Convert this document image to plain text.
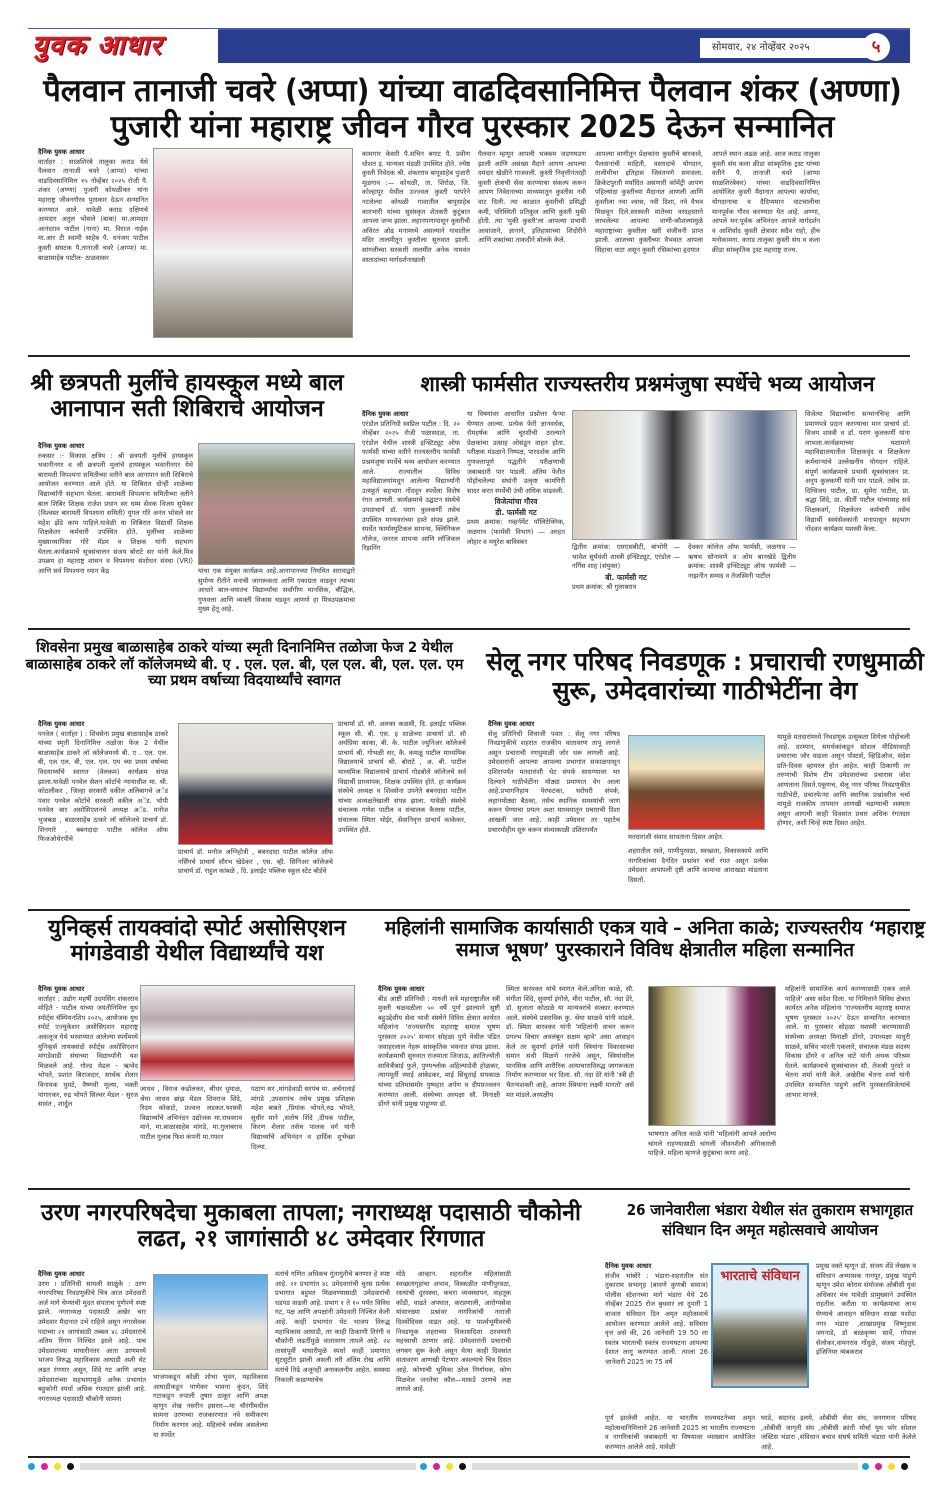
युवक आधार	सोमवार, २४ नोव्हेंबर २०२५	५
पैलवान तानाजी चवरे (अप्पा) यांच्या वाढदिवसानिमित्त पैलवान शंकर (अण्णा) पुजारी यांना महाराष्ट्र जीवन गौरव पुरस्कार 2025 देऊन सन्मानित
दैनिक युवक आधार
वार्ताहर : साळशिरंबे तालुका कराड येथे पैलवान तानाजी चवरे (आप्पा) यांच्या वाढदिवसानिमित्त १५ नोव्हेंबर २०२५ रोजी पै. शंकर (अण्णा) पुजारी कोथळीकर यांना महाराष्ट्र जीवनगौरव पुरस्कार देऊन सन्मानित करण्यात आले. यावेळी कराड दक्षिणचे आमदार अतुल भोसले (बाबा) मा.आमदार आनंदराव पाटील (नाना) मा. विराज नाईक मा.आर टी स्वामी साहेब पै. धनंजय पाटील कुस्ती संघटक पै.तानाजी चवरे (आप्पा) मा. बाळासाहेब पाटील- ठाळवाकर
कामगार केसरी पै.सचिन बगाट पै. प्रवीण धोशत इ. मान्यवर मंडळी उपस्थित होते. ज्येष्ठ कुस्ती निवेदक श्री. शंकरराव बापूसाहेब पुजारी मूळगाव :— कोथळी, ता. शिरोळ, जि. कोल्हापूर येथील उज्ज्वल कुस्ती परंपरेने नटलेल्या कोथळी गावातील बापूसाहेब कारभारी यांच्या सुसंस्कृत शेतकरी कुटुंबात आपला जन्म झाला. लहानपणापासून कुस्तीची अविरत ओढ मनामध्ये असल्याने गावातील मंदिर तालमीतून कुस्तीला सुरुवात झाली. सांगलीच्या सरकारी तालमीत अनेक नामवंत वस्तादांच्या मार्गदर्शनाखाली
पैलवान म्हणून आपली भक्कम जडणघडण झाली आणि असंख्य मैदाने आपण आपल्या दमदार खेळीने गाजवली. कुस्ती निवृत्तीनंतरही कुस्ती क्षेत्राची सेवा करण्याचा संकल्प करून आपण निवेदनाच्या माध्यमातून कुस्तीस नवी वाट दिली. त्या काळात कुस्तीची प्रसिद्धी कमी, परिस्थिती प्रतिकूल आणि कुस्ती मुकी होती. त्या 'मुकी कुस्ती'ला आपल्या प्रभावी आवाजाने, ज्ञानाने, इतिहासाच्या शिदोरीने आणि शब्दांच्या ताकदीने बोलके केले.
आपल्या वाणीतून प्रेक्षकांना कुस्तीचे बारकावे, पैलवानांची माहिती, वस्तादांचे योगदान, तालीमीचा इतिहास जिवंतपणे समजला. क्रिकेटपुरती मर्यादित असणारी कॉमेंट्री आपण पहिल्यांदा कुस्तीच्या मैदानात आणली आणि कुस्तीला नवा श्वास, नवी दिशा, नवे वैभव मिळवून दिले.सरस्वती मातेच्या वरदहस्ताने लाभलेल्या आपल्या वाणी-कौशल्यामुळे महाराष्ट्राच्या कुस्तीला खरी संजीवनी प्राप्त झाली. आजच्या कुस्तीच्या वैभवात आपला सिंहाचा वाटा असून कुस्ती रसिकांच्या हृदयात
आपले स्थान अढळ आहे. आज कराड तालुका कुस्ती संघ कला क्रीडा सांस्कृतिक ट्रस्ट यांच्या वतीने पै. तानाजी चवरे (आप्पा साळशिरंबेकर) यांच्या वाढदिवसानिमित्त आयोजित कुस्ती मैदानात आपल्या कार्याचा, योगदानाचा व दैदिप्यमान वाटचालीचा मानपूर्वक गौरव करण्यात येत आहे. अण्णा, आपले मन:पूर्वक अभिनंदन आपले मार्गदर्शन व आशिर्वाद कुस्ती क्षेत्रावर सदैव राहो, हीच मनोकामना. कराड तालुका कुस्ती संघ व कला क्रीडा सांस्कृतिक ट्रस्ट महाराष्ट्र राज्य.
श्री छत्रपती मुलींचे हायस्कूल मध्ये बाल आनापान सती शिबिराचे आयोजन
दैनिक युवक आधार
रुकसर :- विकास क्षत्रिय : श्री छत्रपती मुलींचे हायस्कूल भवानीनगर व श्री छत्रपती मुलांचे हायस्कूल भवानीनगर येथे बारामती विपश्यना समितीच्या वतीने बाल आनापान सती शिबिराचे आयोजन करण्यात आले होते. या शिबिरात दोन्ही शाळेच्या विद्यार्थ्यांनी सहभाग घेतला. बारामती विपश्यना समितीच्या वतीने बाल शिबिर शिक्षक राजेश प्रधान सर धम्म सेवक विजय सुपेकर (विश्वस्त बारामती विपश्यना समिती) युगल गोरे अनंत भोसले सर महेश झेंडे काम पाहिले.यावेळी या शिबिरात विद्यार्थी शिक्षक शिक्षकेतर कर्मचारी उपस्थित होते. मुलींच्या शाळेच्या मुख्याध्यापिका गोरे मॅडम व शिक्षक यांनी सहभाग घेतला.कार्यक्रमाचे सूत्रसंचालन संजय बोराटे सर यांनी केले.मित्र उपक्रम हा महाराष्ट्र शासन व विपश्यना संशोधन संस्था (VRI) आणि सर्व विपश्यना ध्यान केंद्र	यांचा एक संयुक्त कार्यक्रम आहे.आनापानच्या नियमित सरावाद्वारे सुयोग्य रीतीने मनाची जागरूकता आणि एकाग्रता वाढवून त्याच्या आधारे बाल-वयातच विद्यार्थ्यांचा सर्वांगीण मानसिक, बौद्धिक, गुणवत्ता आणि व्यक्ती विकास घडवून आणणे हा मित्रउपक्रमाचा मुख्य हेतू आहे.
शास्त्री फार्मसीत राज्यस्तरीय प्रश्नमंजुषा स्पर्धेचे भव्य आयोजन
दैनिक युवक आधार
एरंडोल प्रतिनिधी स्वप्निल पाटील : दि. २० नोव्हेंबर २०२५ रोजी पळासदळ, ता. एरंडोल येथील शास्त्री इन्स्टिट्यूट ऑफ फार्मसी यांच्या वतीने राज्यस्तरीय फार्मसी प्रश्नमंजुषा स्पर्धेचे भव्य आयोजन करण्यात आले. राज्यातील विविध महाविद्यालयांमधून आलेल्या विद्यार्थ्यांनी उत्स्फूर्त सहभाग नोंदवून स्पर्धेला विशेष रंगत आणली. कार्यक्रमाचे उद्घाटन संस्थेचे उपप्राचार्य डॉ. पराग कुलकर्णी तसेच उपस्थित मान्यवरांच्या हस्ते संपन्न झाले. स्पर्धेत फार्मास्युटिकल सायन्स, क्लिनिकल नॉलेज, जनरल सायन्स आणि लॉजिकल रिझनिंग
या विषयांवर आधारित प्रश्नोत्तर फेऱ्या घेण्यात आल्या. प्रत्येक फेरी ज्ञानवर्धक, रोमहर्षक आणि चुरशीची ठरल्याने प्रेक्षकांचा उत्साह ओसंडून वाहत होता. परीक्षक मंडळाने निष्पक्ष, पारदर्शक आणि गुणवत्तापूर्ण पद्धतीने परीक्षणाची जबाबदारी पार पाडली. अंतिम फेरीत पोहोचलेल्या संघांनी उत्कृष्ट कामगिरी सादर करत स्पर्धेची उंची अधिक वाढवली.
विजेत्यांचा गौरव
डी. फार्मसी गट
प्रथम क्रमांक: गव्हर्नमेंट पॉलिटेक्निक, जळगाव (फार्मसी विभाग) — अरहत लोहार व मयुरेश बाविस्कर
द्वितीय क्रमांक: एसएसबीटी, बांभोरी — भावेश सूर्यवंशी शास्त्री इन्स्टिट्यूट, एरंडोल — नर्गिस शाह (संयुक्त)
बी. फार्मसी गट
प्रथम क्रमांक: श्री गुलाबराव
देवकर कॉलेज ऑफ फार्मसी, जळगाव — ऋषभ सोनावणे व ओम बानखेडे द्वितीय क्रमांक: शास्त्री इन्स्टिट्यूट ऑफ फार्मसी — नाझनीन सय्यद व तेजस्विनी पाटील
विजेत्या विद्यार्थ्यांना सन्मानचिन्ह आणि प्रमाणपत्रे प्रदान करण्याचा मान प्राचार्य डॉ. विजय शास्त्री व डॉ. पराग कुलकर्णी यांना लाभला.कार्यक्रमाच्या यशामागे महाविद्यालयातील शिक्षकवृंद व शिक्षकेतर कर्मचाऱ्यांचे उल्लेखनीय योगदान राहिले. संपूर्ण कार्यक्रमाचे प्रभावी सूत्रसंचालन प्रा. अनुप कुलकर्णी यांनी पार पाडले. तसेच प्रा. दिग्विजय पाटील, प्रा. सुमेरा पाटील, प्रा. श्रद्धा शिंदे, प्रा. कीर्ती पाटील यांच्यासह सर्व शिक्षकवर्ग, शिक्षकेतर कर्मचारी तसेच विद्यार्थी स्वयंसेवकांनी मनापासून सहभाग नोंदवत कार्यक्रम यशस्वी केला.
शिवसेना प्रमुख बाळासाहेब ठाकरे यांच्या स्मृती दिनानिमित्त तळोजा फेज 2 येथील बाळासाहेब ठाकरे लॉ कॉलेजमध्ये बी. ए . एल. एल. बी, एल एल. बी, एल. एल. एम च्या प्रथम वर्षाच्या विदयार्थ्यांचे स्वागत
दैनिक युवक आधार
पनवेल ( वार्ताहर ) : शिवसेना प्रमुख बाळासाहेब ठाकरे यांच्या स्मृती दिनानिमित्त तळोजा फेज 2 येथील बाळासाहेब ठाकरे लॉ कॉलेजमध्ये बी. ए . एल. एल. बी, एल एल. बी, एल. एल. एम च्या प्रथम वर्षाच्या विदयार्थ्यांचे स्वागत (वेलकम) कार्यक्रम संपन्न झाला.यावेळी पनवेल सेशन कोर्टाचे न्यायाधीश मा. श्री. कोठलीकर , जिल्हा सरकारी वकील अलिबागचे अॅड पवार पनवेल कोर्टाचे सरकारी वकील अॅड. भोपी पनवेल बार असोसिएशनचे अध्यक्ष अॅड. मनोज भुजबळ , बाळासाहेब ठाकरे लॉ कॉलेजचे प्राचार्य डॉ. शिनगारे , बबनदादा पाटील कॉलेज ऑफ फिजओथेरपीचे
प्राचार्य डॉ. मनोज अग्निहोत्री , बबनदादा पाटील कॉलेज ऑफ नर्सिंगचे प्राचार्य सौरभ खेडेकर , एस. व्ही. सिनिअर कॉलेजचे प्राचार्य डॉ. राहुल कांबळे , दि. इलाईट पब्लिक स्कूल स्टेट बोर्डचे
प्राचार्या डॉ. सौ. अलका कळसी, दि. इलाईट पब्लिक स्कूल सी. बी. एस. इ शाळेच्या प्राचार्या डॉ. सौ अर्थप्रिया काका, बी. के. पाटील ज्युनिअर कॉलेजचे प्राचार्य श्री. गोभळी सर, कै. कमळू पाटील माध्यमिक विद्यालयाचे प्राचार्य श्री. बोराटे , अ. बी. पाटील माध्यमिक विद्यालयाचे प्राचार्य गोडबोले कॉलेजचे सर्व विद्यार्थी प्राध्यापक, शिक्षक उपस्थित होते. हा कार्यक्रम संस्थेचे अध्यक्ष व शिवसेना उपनेते बबनदादा पाटील यांच्या अध्यक्षतेखाली संपन्न झाला. यावेळी संस्थेचे संचालक गणेश पाटील व संचालक कैलास पाटील, संचालक स्मिता भोईर, सेवानिवृत्त प्राचार्य काकेकर, उपस्थित होते.
सेलू नगर परिषद निवडणूक : प्रचाराची रणधुमाळी सुरू, उमेदवारांच्या गाठीभेटींना वेग
दैनिक युवक आधार
सेलू प्रतिनिधी शिवाजी पवार : सेलू नगर परिषद निवडणुकीचे शहरात राजकीय वातावरण तापू लागले असून प्रचाराची रणधुमाळी जोर धरू लागली आहे. उमेदवारांनी आपल्या आपल्या प्रभागांत सकाळपासून उशिरापर्यंत मतदारांशी थेट संपर्क साधण्यावर भर दिल्याने गाठीभेटींना मोठ्या प्रमाणात वेग आला आहे.प्रभागनिहाय पेरफटका, घरोघरी संपर्क, लहानमोठ्या बैठका, तसेच स्थानिक समस्यांची जाण करून घेण्याचा प्रयत्न अशा माध्यमातून प्रचाराची दिशा आखली जात आहे. काही उमेदवार तर पहाटेच प्रचारमोहीम सुरु करून संध्याकाळी उशिरापर्यंत
मतदारांशी संवाद साधताना दिसत आहेत.
शहरातील रस्ते, पाणीपुरवठा, स्वच्छता, विकासकामे आणि नागरिकांच्या दैनंदिन प्रश्नांवर चर्चा रंगत असून प्रत्येक उमेदवार आपापली दृष्टी आणि कामाचा आराखडा मांडताना दिसतो.
यामुळे मतदारांमध्ये निवडणूक उत्सुकता शिगेला पोहोचली आहे. दरम्यान, समर्थकांकडून सोशल मीडियावरही प्रचाराचा जोर वाढला असून पोस्टर्स, व्हिडिओज, संदेश प्रति-दिवस व्हायरल होत आहेत. काही ठिकाणी तर तरुणांची विशेष टीम उमेदवारांच्या प्रचारास जोश आणताना दिसते.एकूणच, सेलू नगर परिषद निवडणुकीत गाठीभेटी, प्रचारफेऱ्या आणि स्थानिक प्रश्नांवरील चर्चा यामुळे राजकीय तापमान आणखी चढण्याची शक्यता असून आगामी काही दिवसांत प्रचार अधिक रंगतदार होणार, अशी चिन्हे स्पष्ट दिसत आहेत.
युनिव्हर्स तायक्वांदो स्पोर्ट असोसिएशन मांगडेवाडी येथील विद्यार्थ्यांचे यश
दैनिक युवक आधार
वार्ताहर : उद्योग महर्षी उदयसिंग शंकरराव मोहिते - पाटील यांच्या जयंतीनिमित्त युथ स्पोर्ट्स चॅम्पियनशिप २०२५, आयोजक युथ स्पोर्ट एज्युकेशन असोसिएशन महाराष्ट्र अकलूज येथे भरवण्यात आलेल्या स्पर्धेमध्ये युनिव्हर्स तायक्वांदो स्पोर्ट्स असोसिएशन मांगडेवाडी संघाच्या विद्यार्थ्यांनी यश मिळवले आहे. गोल्ड मेडल - ऋग्वेद भोपते, प्रशांत बिराजदार, सार्थक शेलार विनायक घुमटे, वैष्णवी मूल्या, भक्ती पांगारकर, रुद्र भोपते सिल्वर मेडल - सुरज सावंत , शार्दुल
जाधव , विराज कढोलकर, श्रीधर धुमाळ, श्रेया जाधव ब्रांझ मेडल शिवराज शिंदे, रिदम कोकाटे, प्रज्वल लडकत.यशस्वी विद्यार्थ्यांचे अभिनंदन उद्योजक मा.राघवराव माने, मा.बाळासाहेब मांगडे, मा.गुलाबराव पाटील गुलाब फिश कंपनी मा.गफार
पठाण सर ,मांगडेवाडी सरपंच मा. अर्चनाताई मांगडे ,उपसरपंच तसेच प्रमुख प्रशिक्षक महेश बाबते ,प्रियांक भोपते,रुद्र भोपते, सुधीर माने ,संतोष शिंदे ,दीपक पाटील, किरण शेलार तसेच पालक वर्ग यांनी विद्यार्थ्यांचे अभिनंदन व हार्दिक शुभेच्छा दिल्या.
महिलांनी सामाजिक कार्यासाठी एकत्र यावे – अनिता काळे; राज्यस्तरीय ‘महाराष्ट्र समाज भूषण’ पुरस्काराने विविध क्षेत्रातील महिला सन्मानित
दैनिक युवक आधार
बीड आष्टी प्रतिनिधी : मारुती सत्रे महाराष्ट्रातील स्त्री मुक्ती चळवळीला ५० वर्षे पूर्ण झाल्याने सुष्टी बहुउद्देशीय सेवा भावी संस्थेने विविध क्षेत्रात कार्यरत महिलांना 'राज्यस्तरीय महाराष्ट्र समाज भूषण पुरस्कार २०२५' सन्मान सोहळा पुणे येथील पंडित जवाहरलाल नेहरू सांस्कृतिक भवनात संपन्न झाला. कार्यक्रमाची सुरुवात राजमाता जिजाऊ, क्रांतिज्योती सावित्रीबाई फुले, पुण्यश्लोक अहिल्यादेवी होळकर, त्यागमूर्ती रमाई आंबेडकर, माई सिंधुताई सपकाळ यांच्या प्रतिमांसमोर पुष्पहार अर्पण व दीपप्रज्वलन करण्यात आली. संस्थेच्या अध्यक्षा सौ. मिनाक्षी डोंगरे यांनी प्रमुख पाहुण्या डॉ.
स्मिता बारवकर यांचे स्वागत केले.अनिता काळे, सौ. संगीता शिंदे, सुवर्णा इंगोले, मीरा पाटील, सौ. नंदा डेरे, डॉ. सुजाता कोठाळे या मान्यवरांचे सत्कार करण्यात आले. संस्थेचे प्रस्ताविक कु. श्रेया साळवे यांनी मांडले. डॉ. स्मिता बारवकर यांनी 'महिलांनी वाचन करून प्रगल्भ विचार अवलंबून सक्षम व्हावे' असा आवाहन केले तर सुवर्णा इंगोले यांनी स्त्रियांना विकासाच्या समान संधी मिळणे गरजेचे असून, स्त्रियांवरील मानसिक आणि शारीरिक अत्याचाराविरुद्ध जागरूकता निर्माण करण्यावर भर दिला. सौ. नंदा डेरे यांनी 'स्त्री ही चैतन्यशक्ती आहे, आपण स्त्रियांना लक्ष्मी मानतो' असे मत मांडले.अध्यक्षीय
भाषणात अनिता काळे यांनी 'महिलांनी आपले आरोग्य चांगले राहण्यासाठी चांगली जीवनशैली अंगिकारली पाहिजे. महिला म्हणजे कुटुंबाचा कणा आहे.
महिलांनी सामाजिक कार्य करण्यासाठी एकत्र आले पाहिजे' असा संदेश दिला. या निमित्ताने विविध क्षेत्रात कार्यरत अनेक महिलांना 'राज्यस्तरीय महाराष्ट्र समाज भूषण पुरस्कार २०२५' देऊन सन्मानित करण्यात आले. या पुरस्कार सोहळा यशस्वी करण्यासाठी संस्थेच्या अध्यक्षा मिनाक्षी डोंगरे, उपाध्यक्षा माधुरी साळवे, सचिव भारती एकलारे, संचालक मंडळ सदस्य विकास डोंगरे व अनिल वाटे यांनी अथक परिश्रम घेतले. कार्यक्रमाचे सूत्रसंचालन सौ. तेजश्री पुरंदरे व चेतना शर्मा यांनी केले. अखेरीस चेतना शर्मा यांनी उपस्थित सन्मानित पाहुणे आणि पुरस्कारविजेत्यांचे आभार मानले.
उरण नगरपरिषदेचा मुकाबला तापला; नगराध्यक्ष पदासाठी चौकोनी लढत, २१ जागांसाठी ४८ उमेदवार रिंगणात
दैनिक युवक आधार
उरण । प्रतिनिधी सायली साळुंके : उरण नगरपरिषद निवडणुकीचे चित्र आज उमेदवारी अर्ज मागे घेण्याची मुदत संपताच पूर्णपणे स्पष्ट झाले. नगराध्यक्ष पदासाठी अखेर चार उमेदवार मैदानात उभे राहिले असून नगरसेवक पदाच्या २१ जागांसाठी तब्बल ४८ उमेदवारांचे अंतिम रिंगण निश्चित झाले आहे. पाच उमेदवारांच्या माघारीनंतर आता उरणमध्ये भाजप विरुद्ध महाविकास आघाडी अशी थेट लढत रंगणार असून, शिंदे गट आणि अपक्ष उमेदवारांच्या सहभागामुळे अनेक प्रभागांत बहुकोनी स्पर्धा अधिक रंगतदार झाली आहे. नगराध्यक्ष पदासाठी चौकोनी सामना
भाजपकडून कोळी शोभा भुवन, महाविकास आघाडीकडून पाणेकर भावना कुंदन, शिंदे गटाकडून रुपाली तुषार ठाकूर आणि अपक्ष म्हणून शेख नसरीन इसरार—या चौरंगीमधील सामना उरणच्या राजकारणात नवे समीकरण निर्माण करणार आहे. महिलांचे वर्चस्व असलेल्या या स्पर्धेत
मतांचे गणित अधिकच गुंतागुंतीचे बनणार हे स्पष्ट आहे. २१ प्रभागांत ४८ उमेदवारांची चुरस प्रत्येक प्रभागात बहुमत मिळवण्यासाठी उमेदवारांची धडपड वाढली आहे. प्रभाग १ ते १० पर्यंत विविध गट, पक्ष आणि अपक्षांनी उमेदवारी निश्चित केली आहे. काही प्रभागांत थेट भाजप विरुद्ध महाविकास आघाडी, तर काही ठिकाणी तिरंगी व चौकोनी लढतींमुळे वातावरण तापले आहे. २४ तासांपूर्वी माघारीमुळे स्पर्धा काही प्रमाणात सुटसुटीत झाली असली तरी अंतिम रोख आणि मतांचे तिढे अजूनही अनाकलनीय आहेत. समस्या निकाली काढण्याचेच
मोठे आव्हान. शहरातील महिलांसाठी स्वच्छतागृहांचा अभाव, विस्कळीत पाणीपुरवठा, रस्त्यांची दुरवस्था, कचरा व्यवस्थापन, वाहतूक कोंडी, वाढते अपघात, करप्रणाली, आरोग्यसेवा यांसारख्या प्रश्नांवर नागरिकांची नाराजी दिवसेंदिवस वाढत आहे. या पार्श्वभूमीवरची निवडणूक शहराच्या विकासदिशा ठरवणारी महत्त्वाची ठरणार आहे. उमेदवारांनी प्रचाराची लगबग सुरू केली असून येत्या काही दिवसांत वातावरण आणखी पेटणार असल्याचे चित्र दिसत आहे. कोणाची भूमिका ठरेल निर्णायक, कोण मिळवेल जनतेचा कौल—याकडे उरणचे लक्ष लागले आहे.
26 जानेवारीला भंडारा येथील संत तुकाराम सभागृहात संविधान दिन अमृत महोत्सवाचे आयोजन
दैनिक युवक आधार
संजीव भांबोरे : भंडारा-शहरातील संत तुकाराम सभागृह (बावणे कुणबी समाज) पोलीस स्टेशनच्या मागे भंडारा येथे 26 नोव्हेंबर 2025 रोज बुधवार ला दुपारी 1 वाजता संविधान दिन अमृत महोत्सवाचे आयोजन करण्यात आलेले आहे. सविस्तर वृत्त असे की, 26 जानेवारी 19 50 ला स्वतंत्र भारताची स्वतंत्र राज्यघटना आपल्या देशात लागू करण्यात आली. त्याला 26 जानेवारी 2025 ला 75 वर्षे
भारताचे संविधान
प्रमुख वक्ते म्हणून डॉ. संजय शेंडे लेखक व संविधान अभ्यासक नागपूर, प्रमुख पाहुणे म्हणून उमेश कोराम संयोजक ओबीसी युवा अधिकार मंच यावेळी प्रामुख्याने उपस्थित राहतील. करीता या कार्यक्रमाचा लाभ घेण्याचे आवाहन संविधान शाखा यशोदा नगर भंडारा ,शाखाप्रमुख विष्णुदास जगनाडे, डॉ बाळकृष्ण सार्वे, गोपाल सेलोकर,वामनराव गोंधुळे, संजय मोहतुरे, इंजिनियर त्र्यंबकराव
पूर्ण झालेली आहेत. या भारतीय राज्यघटनेच्या अमृत महोत्सवानिमित्ताने 26 जानेवारी 2025 ला भारतीय राज्यघटना व नागरिकांची जबाबदारी या विषयावर व्याख्यान आयोजित करण्यात आलेले आहे. यावेळी
घरडे, सदानंद इलमे, ओबीसी सेवा संघ, जनगणना परिषद ,ओबीसी जागृती संघ ,ओबीसी क्रांती मोर्चा युथ फॉर सोशल जस्टिस भंडारा ,संविधान बचाव संघर्ष समिती भंडारा यांनी केलेले आहे.
